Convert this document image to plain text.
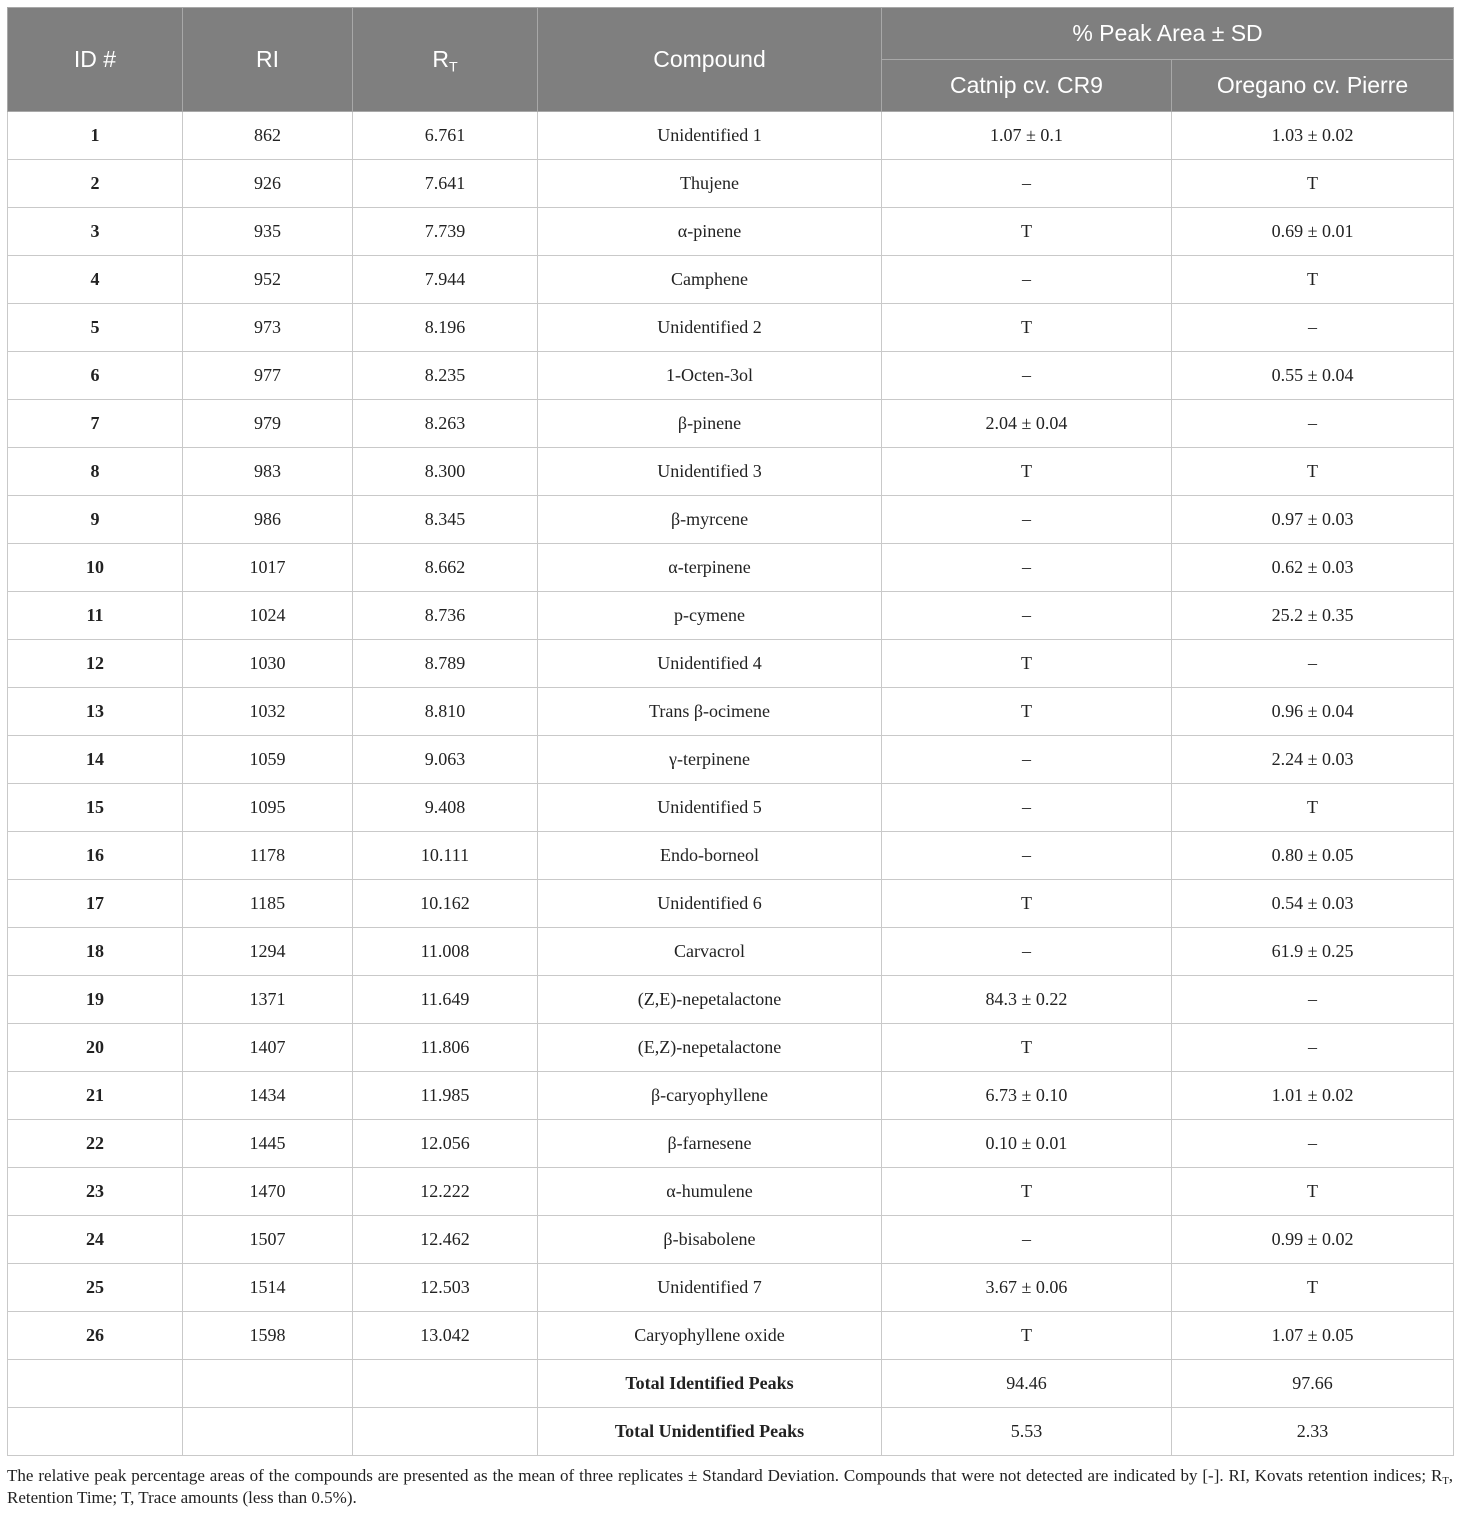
ID #	RI	$R_T$	Compound	% Peak Area ± SD	
				Catnip cv. CR9	Oregano cv. Pierre
1	862	6.761	Unidentified 1	1.07 ± 0.1	1.03 ± 0.02
2	926	7.641	Thujene	–	T
3	935	7.739	α-pinene	T	0.69 ± 0.01
4	952	7.944	Camphene	–	T
5	973	8.196	Unidentified 2	T	–
6	977	8.235	1-Octen-3ol	–	0.55 ± 0.04
7	979	8.263	β-pinene	2.04 ± 0.04	–
8	983	8.300	Unidentified 3	T	T
9	986	8.345	β-myrcene	–	0.97 ± 0.03
10	1017	8.662	α-terpinene	–	0.62 ± 0.03
11	1024	8.736	p-cymene	–	25.2 ± 0.35
12	1030	8.789	Unidentified 4	T	–
13	1032	8.810	Trans β-ocimene	T	0.96 ± 0.04
14	1059	9.063	γ-terpinene	–	2.24 ± 0.03
15	1095	9.408	Unidentified 5	–	T
16	1178	10.111	Endo-borneol	–	0.80 ± 0.05
17	1185	10.162	Unidentified 6	T	0.54 ± 0.03
18	1294	11.008	Carvacrol	–	61.9 ± 0.25
19	1371	11.649	(Z,E)-nepetalactone	84.3 ± 0.22	–
20	1407	11.806	(E,Z)-nepetalactone	T	–
21	1434	11.985	β-caryophyllene	6.73 ± 0.10	1.01 ± 0.02
22	1445	12.056	β-farnesene	0.10 ± 0.01	–
23	1470	12.222	α-humulene	T	T
24	1507	12.462	β-bisabolene	–	0.99 ± 0.02
25	1514	12.503	Unidentified 7	3.67 ± 0.06	T
26	1598	13.042	Caryophyllene oxide	T	1.07 ± 0.05
			Total Identified Peaks	94.46	97.66
			Total Unidentified Peaks	5.53	2.33
The relative peak percentage areas of the compounds are presented as the mean of three replicates ± Standard Deviation. Compounds that were not detected are indicated by [-]. RI, Kovats retention indices; $R_T$, Retention Time; T, Trace amounts (less than 0.5%).
